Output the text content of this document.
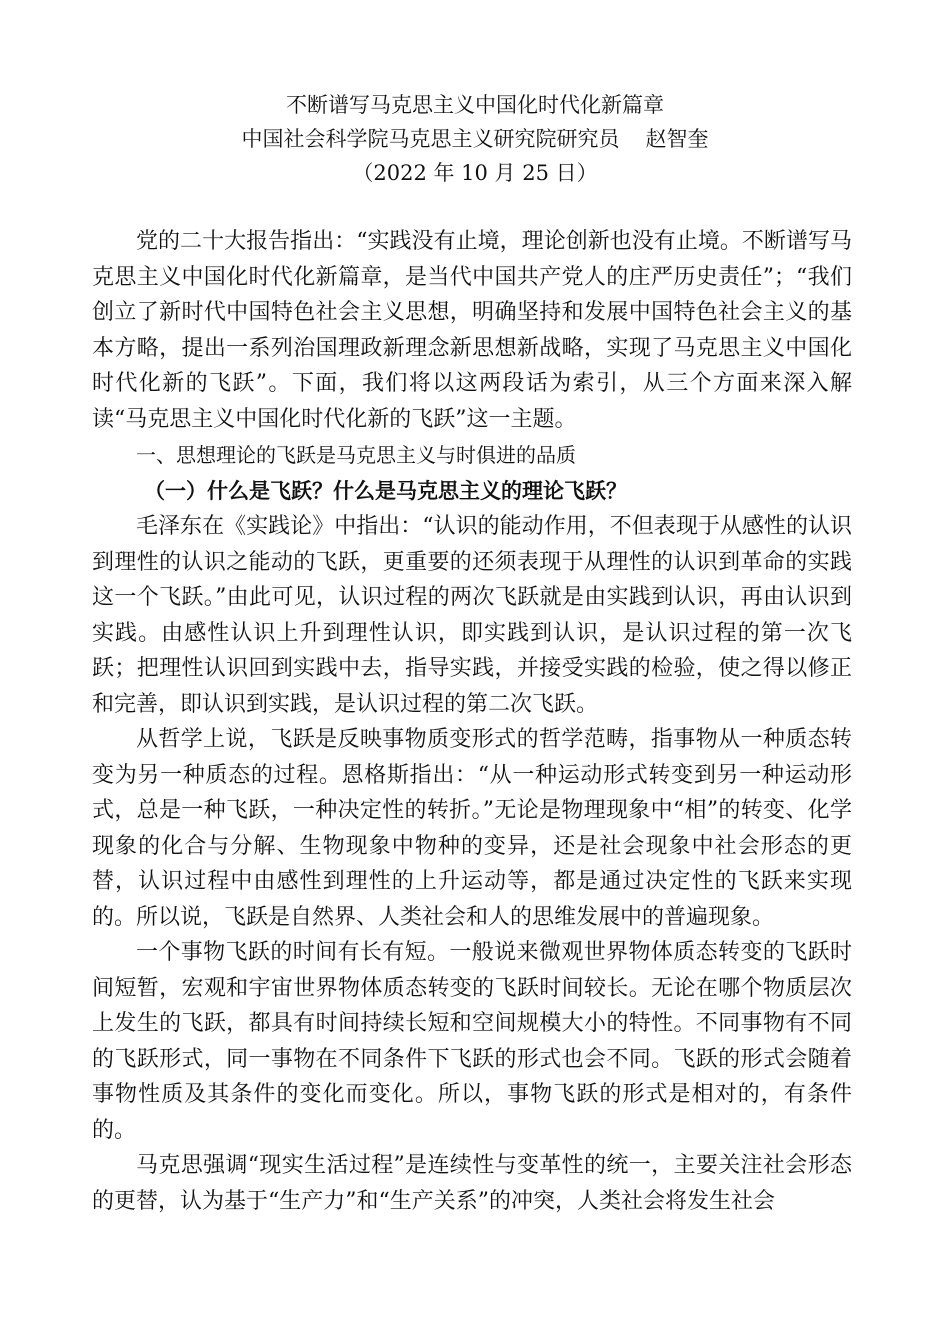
不断谱写马克思主义中国化时代化新篇章
中国社会科学院马克思主义研究院研究员 赵智奎
（2022 年 10 月 25 日）

党的二十大报告指出：“实践没有止境，理论创新也没有止境。不断谱写马克思主义中国化时代化新篇章，是当代中国共产党人的庄严历史责任”；“我们创立了新时代中国特色社会主义思想，明确坚持和发展中国特色社会主义的基本方略，提出一系列治国理政新理念新思想新战略，实现了马克思主义中国化时代化新的飞跃”。下面，我们将以这两段话为索引，从三个方面来深入解读“马克思主义中国化时代化新的飞跃”这一主题。

一、思想理论的飞跃是马克思主义与时俱进的品质

（一）什么是飞跃？什么是马克思主义的理论飞跃？

毛泽东在《实践论》中指出：“认识的能动作用，不但表现于从感性的认识到理性的认识之能动的飞跃，更重要的还须表现于从理性的认识到革命的实践这一个飞跃。”由此可见，认识过程的两次飞跃就是由实践到认识，再由认识到实践。由感性认识上升到理性认识，即实践到认识，是认识过程的第一次飞跃；把理性认识回到实践中去，指导实践，并接受实践的检验，使之得以修正和完善，即认识到实践，是认识过程的第二次飞跃。

从哲学上说，飞跃是反映事物质变形式的哲学范畴，指事物从一种质态转变为另一种质态的过程。恩格斯指出：“从一种运动形式转变到另一种运动形式，总是一种飞跃，一种决定性的转折。”无论是物理现象中“相”的转变、化学现象的化合与分解、生物现象中物种的变异，还是社会现象中社会形态的更替，认识过程中由感性到理性的上升运动等，都是通过决定性的飞跃来实现的。所以说，飞跃是自然界、人类社会和人的思维发展中的普遍现象。

一个事物飞跃的时间有长有短。一般说来微观世界物体质态转变的飞跃时间短暂，宏观和宇宙世界物体质态转变的飞跃时间较长。无论在哪个物质层次上发生的飞跃，都具有时间持续长短和空间规模大小的特性。不同事物有不同的飞跃形式，同一事物在不同条件下飞跃的形式也会不同。飞跃的形式会随着事物性质及其条件的变化而变化。所以，事物飞跃的形式是相对的，有条件的。

马克思强调“现实生活过程”是连续性与变革性的统一，主要关注社会形态的更替，认为基于“生产力”和“生产关系”的冲突，人类社会将发生社会
